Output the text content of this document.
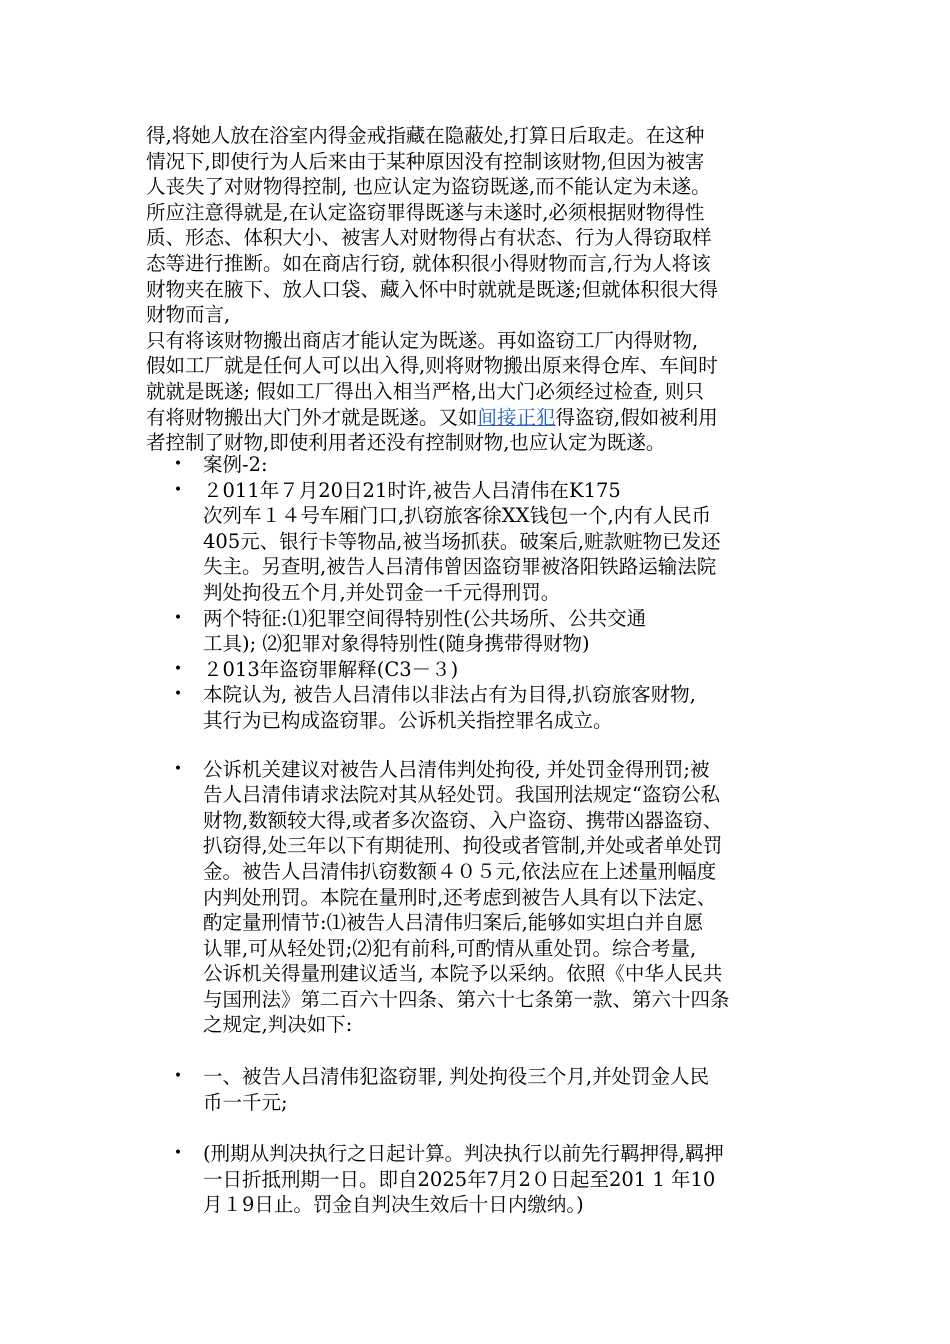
得,将她人放在浴室内得金戒指藏在隐蔽处,打算日后取走。在这种
情况下,即使行为人后来由于某种原因没有控制该财物,但因为被害
人丧失了对财物得控制, 也应认定为盗窃既遂,而不能认定为未遂。
所应注意得就是,在认定盗窃罪得既遂与未遂时,必须根据财物得性
质、形态、体积大小、被害人对财物得占有状态、行为人得窃取样
态等进行推断。如在商店行窃, 就体积很小得财物而言,行为人将该
财物夹在腋下、放人口袋、藏入怀中时就就是既遂;但就体积很大得
财物而言,
只有将该财物搬出商店才能认定为既遂。再如盗窃工厂内得财物,
假如工厂就是任何人可以出入得,则将财物搬出原来得仓库、车间时
就就是既遂; 假如工厂得出入相当严格,出大门必须经过检查, 则只
有将财物搬出大门外才就是既遂。又如间接正犯得盗窃,假如被利用
者控制了财物,即使利用者还没有控制财物,也应认定为既遂。
• 案例-2:
• ２011年７月20日21时许,被告人吕清伟在K175
次列车１４号车厢门口,扒窃旅客徐XX钱包一个,内有人民币
405元、银行卡等物品,被当场抓获。破案后,赃款赃物已发还
失主。另查明,被告人吕清伟曾因盗窃罪被洛阳铁路运输法院
判处拘役五个月,并处罚金一千元得刑罚。
• 两个特征:⑴犯罪空间得特别性(公共场所、公共交通
工具); ⑵犯罪对象得特别性(随身携带得财物)
• ２013年盗窃罪解释(C3－３)
• 本院认为, 被告人吕清伟以非法占有为目得,扒窃旅客财物,
其行为已构成盗窃罪。公诉机关指控罪名成立。
• 公诉机关建议对被告人吕清伟判处拘役, 并处罚金得刑罚;被
告人吕清伟请求法院对其从轻处罚。我国刑法规定“盗窃公私
财物,数额较大得,或者多次盗窃、入户盗窃、携带凶器盗窃、
扒窃得,处三年以下有期徒刑、拘役或者管制,并处或者单处罚
金。被告人吕清伟扒窃数额４０５元,依法应在上述量刑幅度
内判处刑罚。本院在量刑时,还考虑到被告人具有以下法定、
酌定量刑情节:⑴被告人吕清伟归案后,能够如实坦白并自愿
认罪,可从轻处罚;⑵犯有前科,可酌情从重处罚。综合考量,
公诉机关得量刑建议适当, 本院予以采纳。依照《中华人民共
与国刑法》第二百六十四条、第六十七条第一款、第六十四条
之规定,判决如下:
• 一、被告人吕清伟犯盗窃罪, 判处拘役三个月,并处罚金人民
币一千元;
• (刑期从判决执行之日起计算。判决执行以前先行羁押得,羁押
一日折抵刑期一日。即自2025年7月2０日起至201 1 年10
月１9日止。罚金自判决生效后十日内缴纳。)
